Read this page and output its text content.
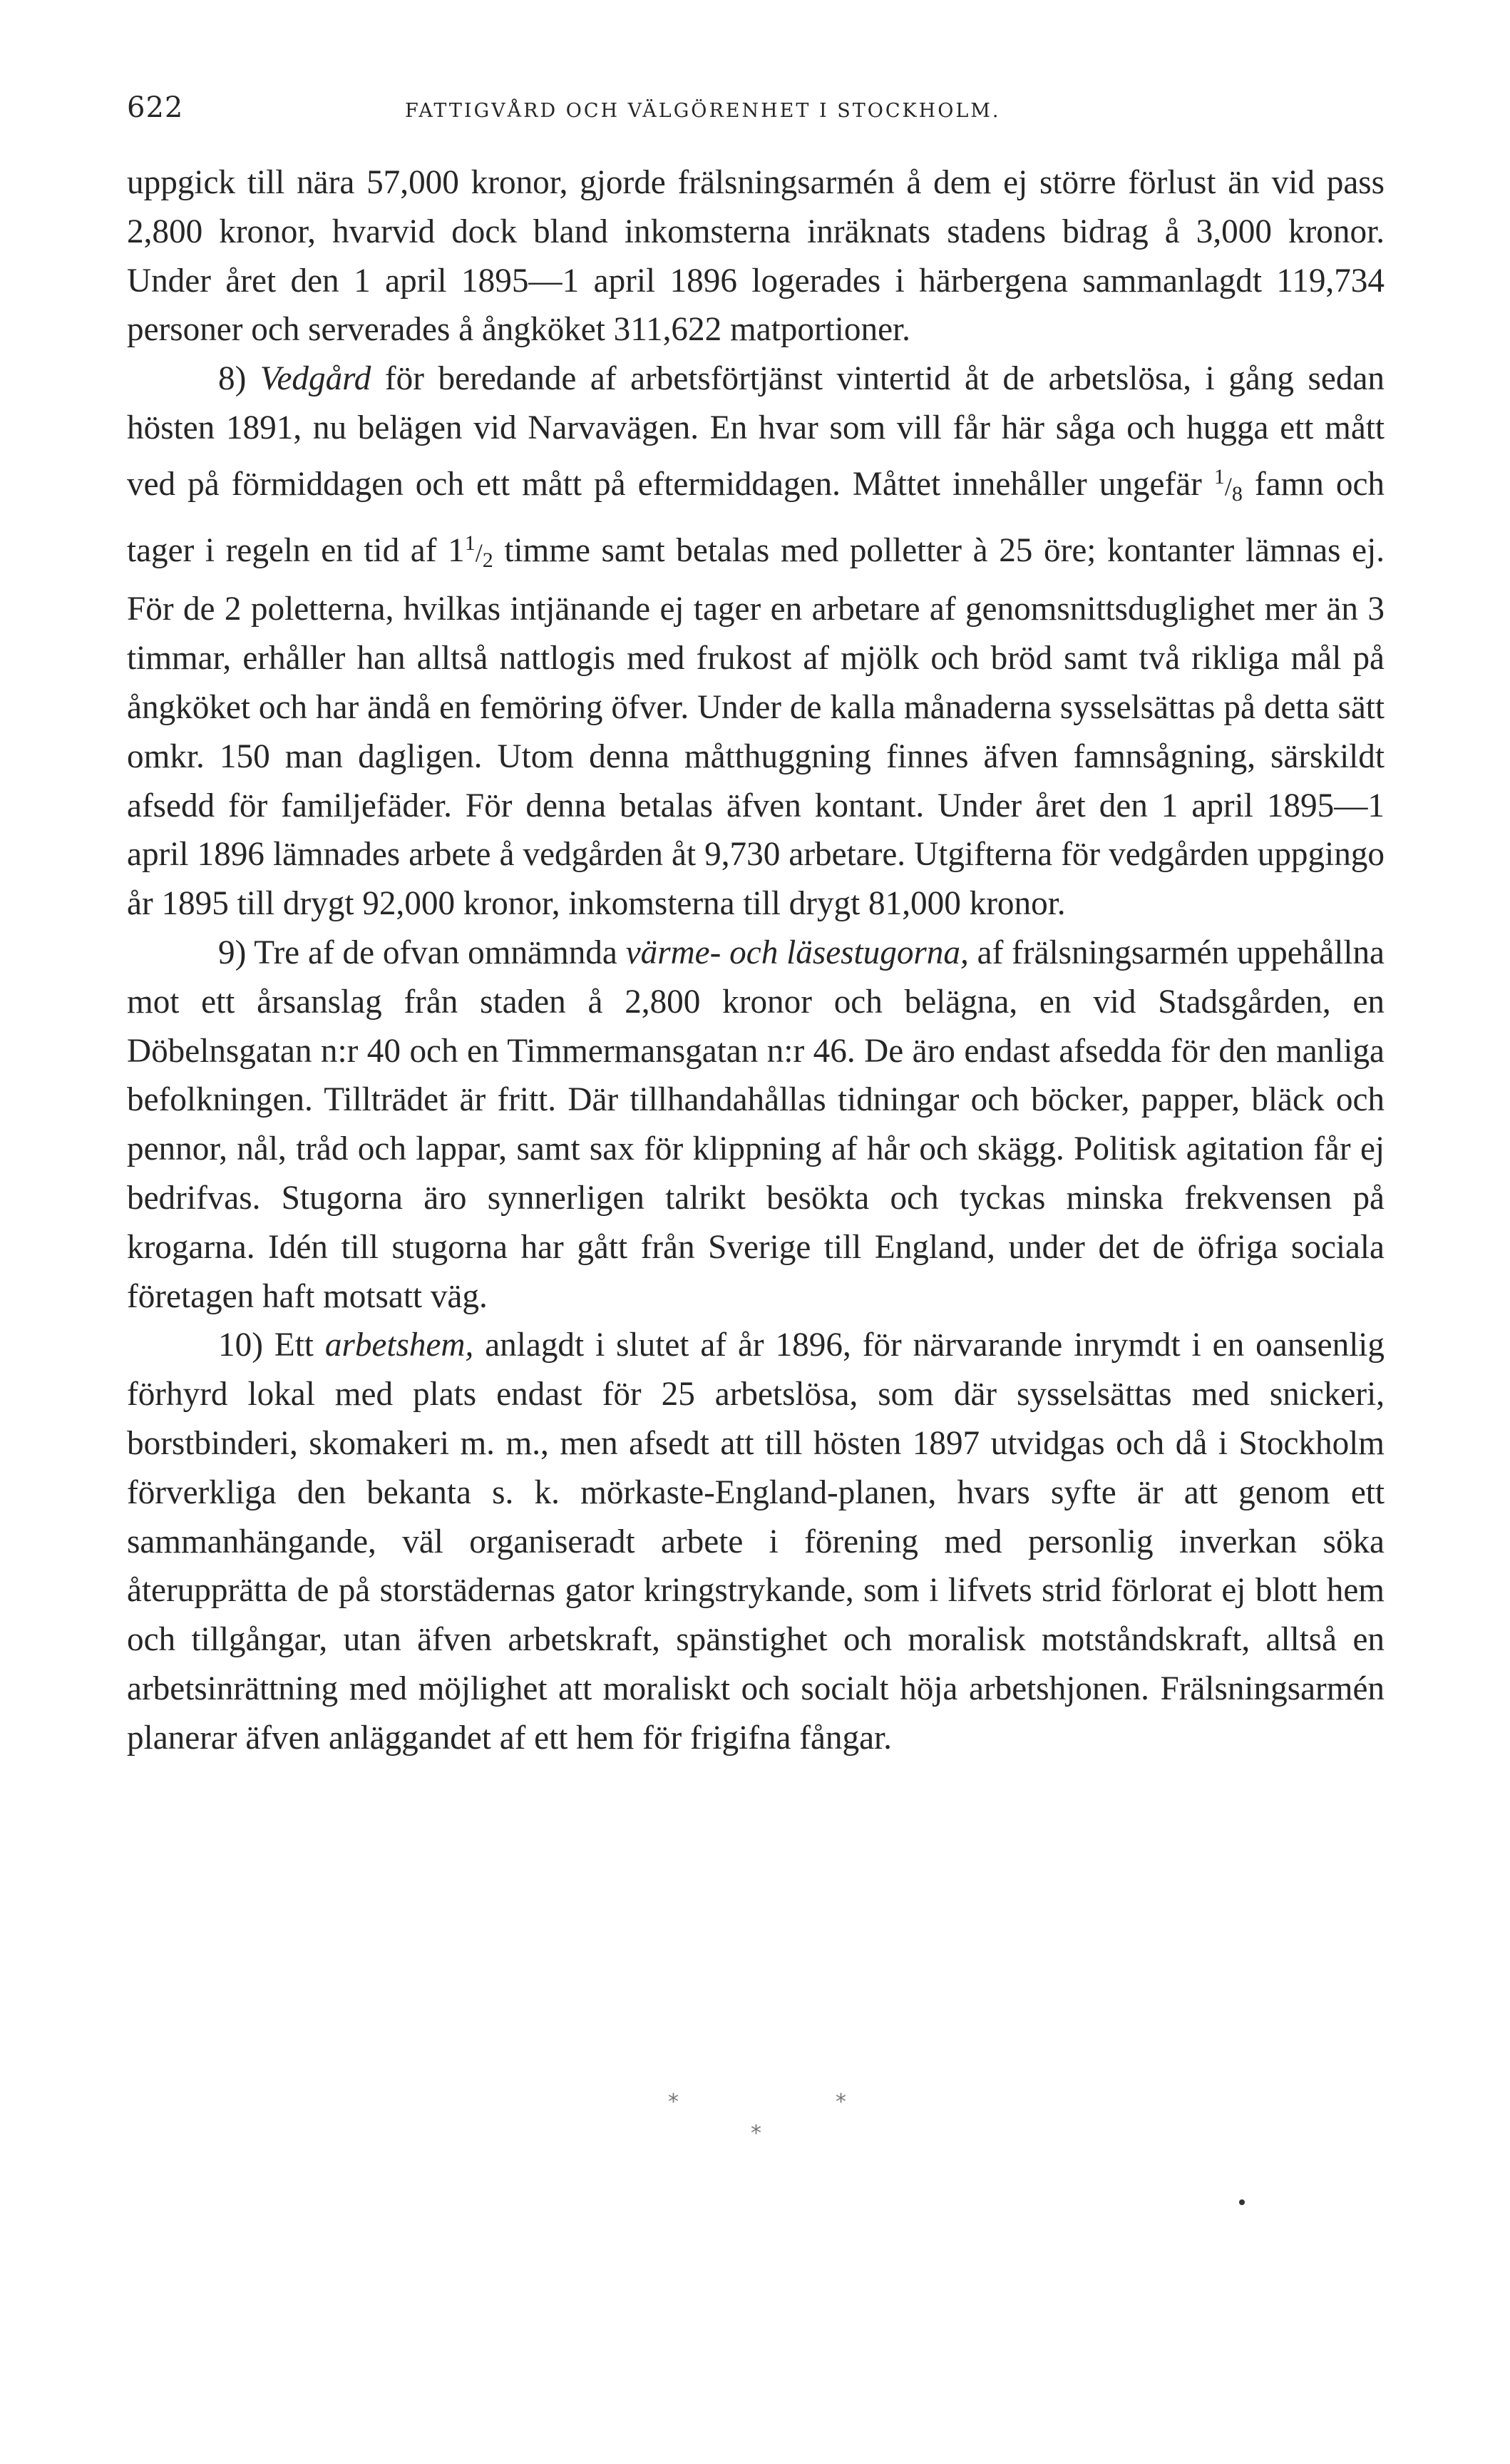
622	FATTIGVÅRD OCH VÄLGÖRENHET I STOCKHOLM.

uppgick till nära 57,000 kronor, gjorde frälsningsarmén å dem ej större förlust än vid pass 2,800 kronor, hvarvid dock bland inkomsterna inräknats stadens bidrag å 3,000 kronor. Under året den 1 april 1895—1 april 1896 logerades i härbergena sammanlagdt 119,734 personer och serverades å ångköket 311,622 matportioner.

8) Vedgård för beredande af arbetsförtjänst vintertid åt de arbetslösa, i gång sedan hösten 1891, nu belägen vid Narvavägen. En hvar som vill får här såga och hugga ett mått ved på förmiddagen och ett mått på eftermiddagen. Måttet innehåller ungefär $^1/_8$ famn och tager i regeln en tid af $1^1/_2$ timme samt betalas med polletter à 25 öre; kontanter lämnas ej. För de 2 poletterna, hvilkas intjänande ej tager en arbetare af genomsnittsduglighet mer än 3 timmar, erhåller han alltså nattlogis med frukost af mjölk och bröd samt två rikliga mål på ångköket och har ändå en femöring öfver. Under de kalla månaderna sysselsättas på detta sätt omkr. 150 man dagligen. Utom denna måtthuggning finnes äfven famnsågning, särskildt afsedd för familjefäder. För denna betalas äfven kontant. Under året den 1 april 1895—1 april 1896 lämnades arbete å vedgården åt 9,730 arbetare. Utgifterna för vedgården uppgingo år 1895 till drygt 92,000 kronor, inkomsterna till drygt 81,000 kronor.

9) Tre af de ofvan omnämnda värme- och läsestugorna, af frälsningsarmén uppehållna mot ett årsanslag från staden å 2,800 kronor och belägna, en vid Stadsgården, en Döbelnsgatan n:r 40 och en Timmermansgatan n:r 46. De äro endast afsedda för den manliga befolkningen. Tillträdet är fritt. Där tillhandahållas tidningar och böcker, papper, bläck och pennor, nål, tråd och lappar, samt sax för klippning af hår och skägg. Politisk agitation får ej bedrifvas. Stugorna äro synnerligen talrikt besökta och tyckas minska frekvensen på krogarna. Idén till stugorna har gått från Sverige till England, under det de öfriga sociala företagen haft motsatt väg.

10) Ett arbetshem, anlagdt i slutet af år 1896, för närvarande inrymdt i en oansenlig förhyrd lokal med plats endast för 25 arbetslösa, som där sysselsättas med snickeri, borstbinderi, skomakeri m. m., men afsedt att till hösten 1897 utvidgas och då i Stockholm förverkliga den bekanta s. k. mörkaste-England-planen, hvars syfte är att genom ett sammanhängande, väl organiseradt arbete i förening med personlig inverkan söka återupprätta de på storstädernas gator kringstrykande, som i lifvets strid förlorat ej blott hem och tillgångar, utan äfven arbetskraft, spänstighet och moralisk motståndskraft, alltså en arbetsinrättning med möjlighet att moraliskt och socialt höja arbetshjonen. Frälsningsarmén planerar äfven anläggandet af ett hem för frigifna fångar.

*	*
*
